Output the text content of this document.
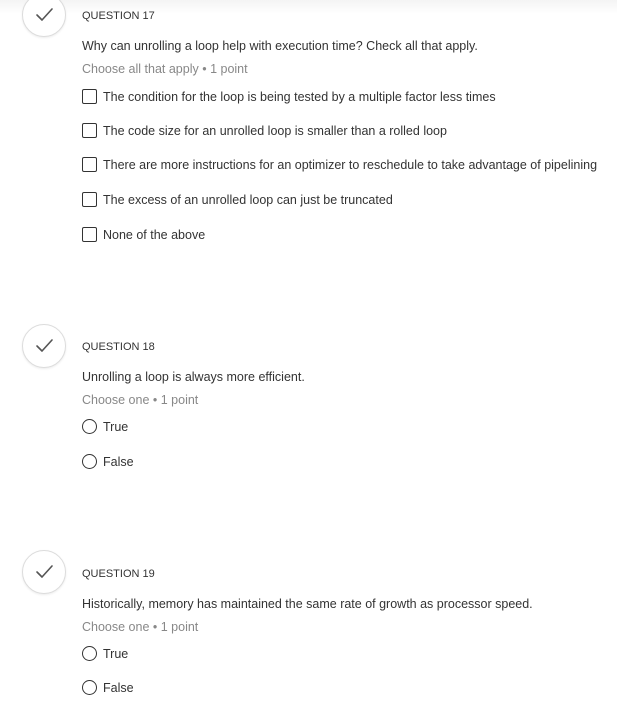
QUESTION 17
Why can unrolling a loop help with execution time? Check all that apply.
Choose all that apply • 1 point
The condition for the loop is being tested by a multiple factor less times
The code size for an unrolled loop is smaller than a rolled loop
There are more instructions for an optimizer to reschedule to take advantage of pipelining
The excess of an unrolled loop can just be truncated
None of the above
QUESTION 18
Unrolling a loop is always more efficient.
Choose one • 1 point
True
False
QUESTION 19
Historically, memory has maintained the same rate of growth as processor speed.
Choose one • 1 point
True
False
